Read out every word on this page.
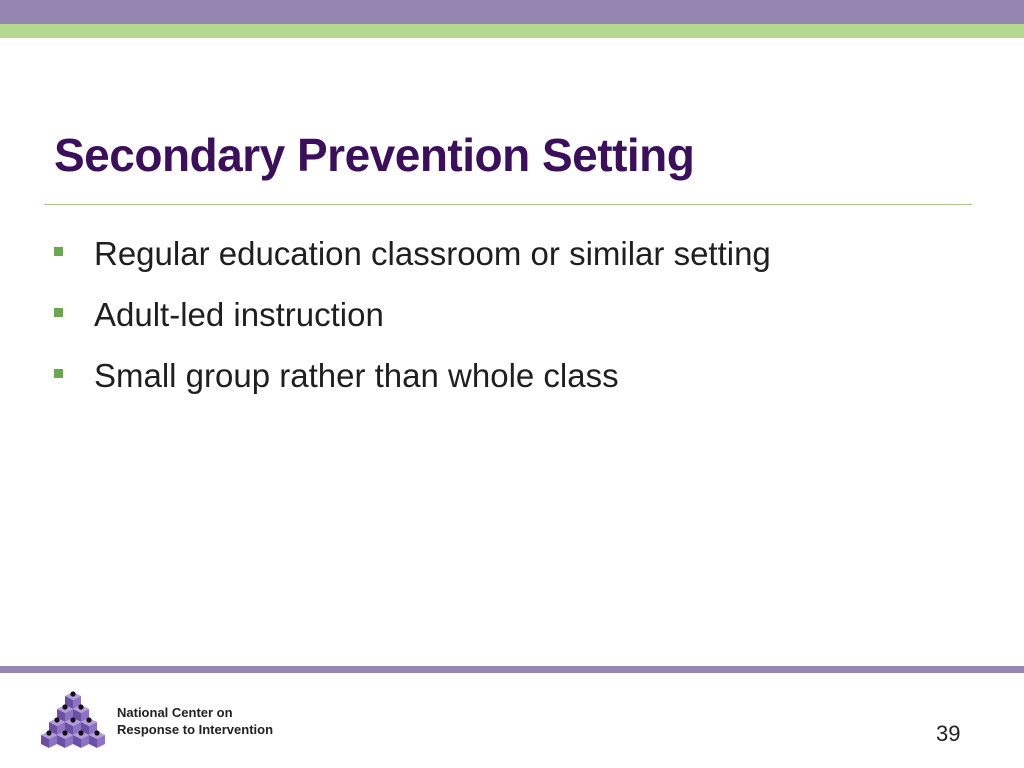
Secondary Prevention Setting
Regular education classroom or similar setting
Adult-led instruction
Small group rather than whole class
National Center on
Response to Intervention	39
